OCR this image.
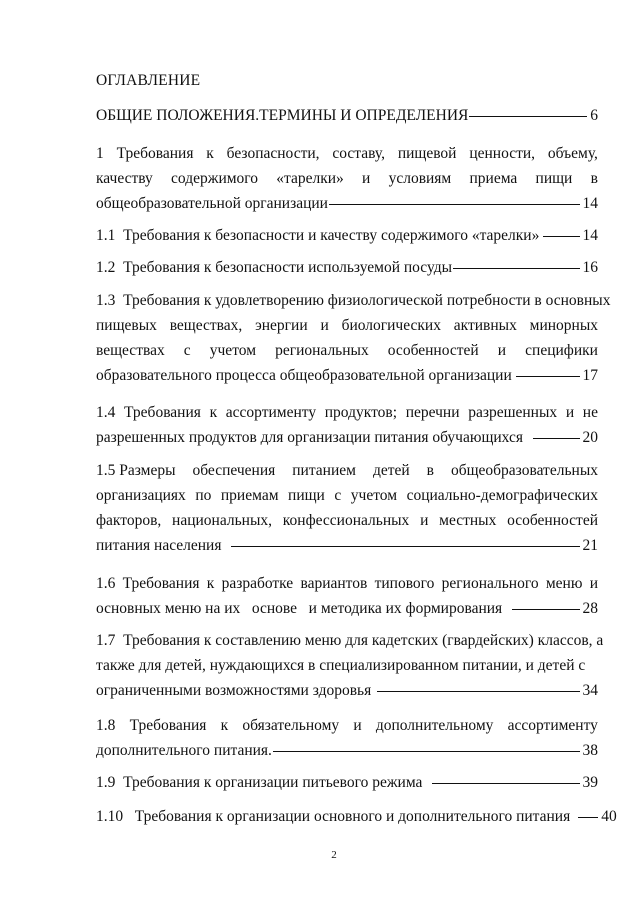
ОГЛАВЛЕНИЕ
ОБЩИЕ ПОЛОЖЕНИЯ.ТЕРМИНЫ И ОПРЕДЕЛЕНИЯ	6
1 Требования к безопасности, составу, пищевой ценности, объему,
качеству содержимого «тарелки» и условиям приема пищи в
общеобразовательной организации	14
1.1  Требования к безопасности и качеству содержимого «тарелки»	14
1.2  Требования к безопасности используемой посуды	16
1.3  Требования к удовлетворению физиологической потребности в основных
пищевых веществах, энергии и биологических активных минорных
веществах с учетом региональных особенностей и специфики
образовательного процесса общеобразовательной организации	17
1.4 Требования к ассортименту продуктов; перечни разрешенных и не
разрешенных продуктов для организации питания обучающихся	20
1.5 Размеры обеспечения питанием детей в общеобразовательных
организациях по приемам пищи с учетом социально-демографических
факторов, национальных, конфессиональных и местных особенностей
питания населения	21
1.6 Требования к разработке вариантов типового регионального меню и
основных меню на их   основе   и методика их формирования	28
1.7  Требования к составлению меню для кадетских (гвардейских) классов, а
также для детей, нуждающихся в специализированном питании, и детей с
ограниченными возможностями здоровья	34
1.8 Требования к обязательному и дополнительному ассортименту
дополнительного питания.	38
1.9  Требования к организации питьевого режима	39
1.10   Требования к организации основного и дополнительного питания 40
2
